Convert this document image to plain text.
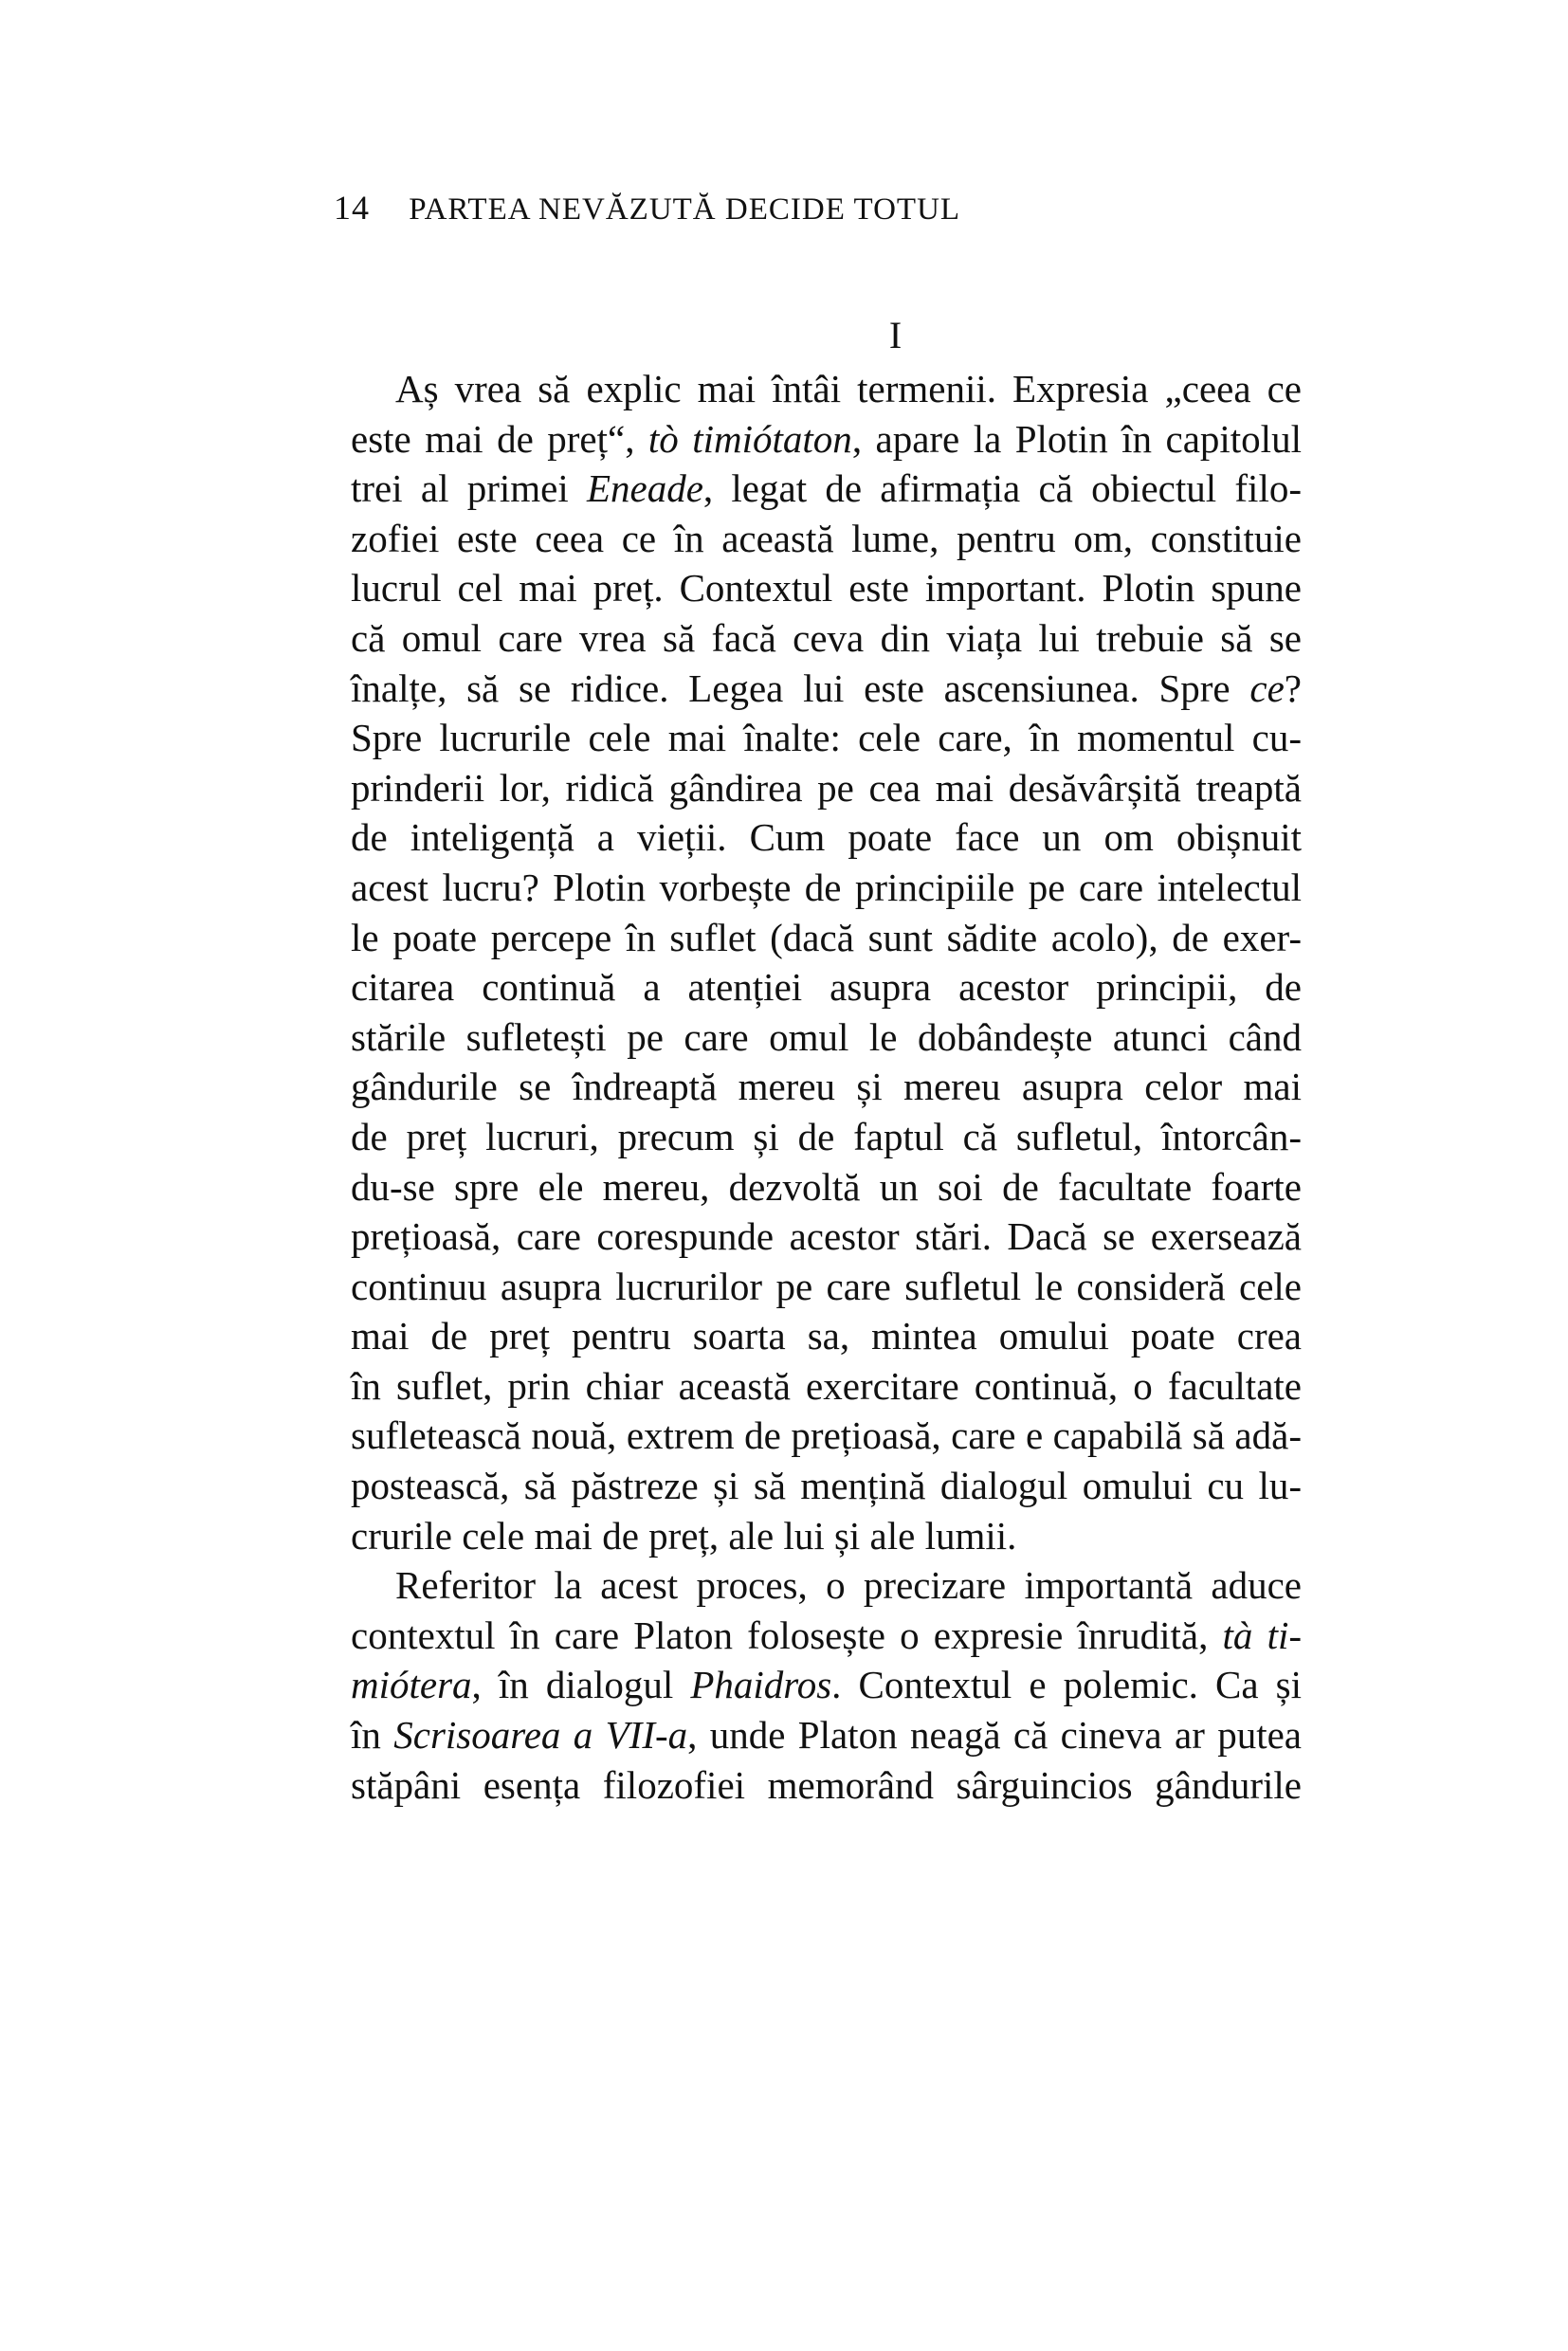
14 PARTEA NEVĂZUTĂ DECIDE TOTUL
I
Aș vrea să explic mai întâi termenii. Expresia „ceea ce
este mai de preț“, tò timiótaton, apare la Plotin în capitolul
trei al primei Eneade, legat de afirmația că obiectul filo-
zofiei este ceea ce în această lume, pentru om, constituie
lucrul cel mai preț. Contextul este important. Plotin spune
că omul care vrea să facă ceva din viața lui trebuie să se
înalțe, să se ridice. Legea lui este ascensiunea. Spre ce?
Spre lucrurile cele mai înalte: cele care, în momentul cu-
prinderii lor, ridică gândirea pe cea mai desăvârșită treaptă
de inteligență a vieții. Cum poate face un om obișnuit
acest lucru? Plotin vorbește de principiile pe care intelectul
le poate percepe în suflet (dacă sunt sădite acolo), de exer-
citarea continuă a atenției asupra acestor principii, de
stările sufletești pe care omul le dobândește atunci când
gândurile se îndreaptă mereu și mereu asupra celor mai
de preț lucruri, precum și de faptul că sufletul, întorcân-
du-se spre ele mereu, dezvoltă un soi de facultate foarte
prețioasă, care corespunde acestor stări. Dacă se exersează
continuu asupra lucrurilor pe care sufletul le consideră cele
mai de preț pentru soarta sa, mintea omului poate crea
în suflet, prin chiar această exercitare continuă, o facultate
sufletească nouă, extrem de prețioasă, care e capabilă să adă-
postească, să păstreze și să mențină dialogul omului cu lu-
crurile cele mai de preț, ale lui și ale lumii.
Referitor la acest proces, o precizare importantă aduce
contextul în care Platon folosește o expresie înrudită, tà ti-
miótera, în dialogul Phaidros. Contextul e polemic. Ca și
în Scrisoarea a VII-a, unde Platon neagă că cineva ar putea
stăpâni esența filozofiei memorând sârguincios gândurile
